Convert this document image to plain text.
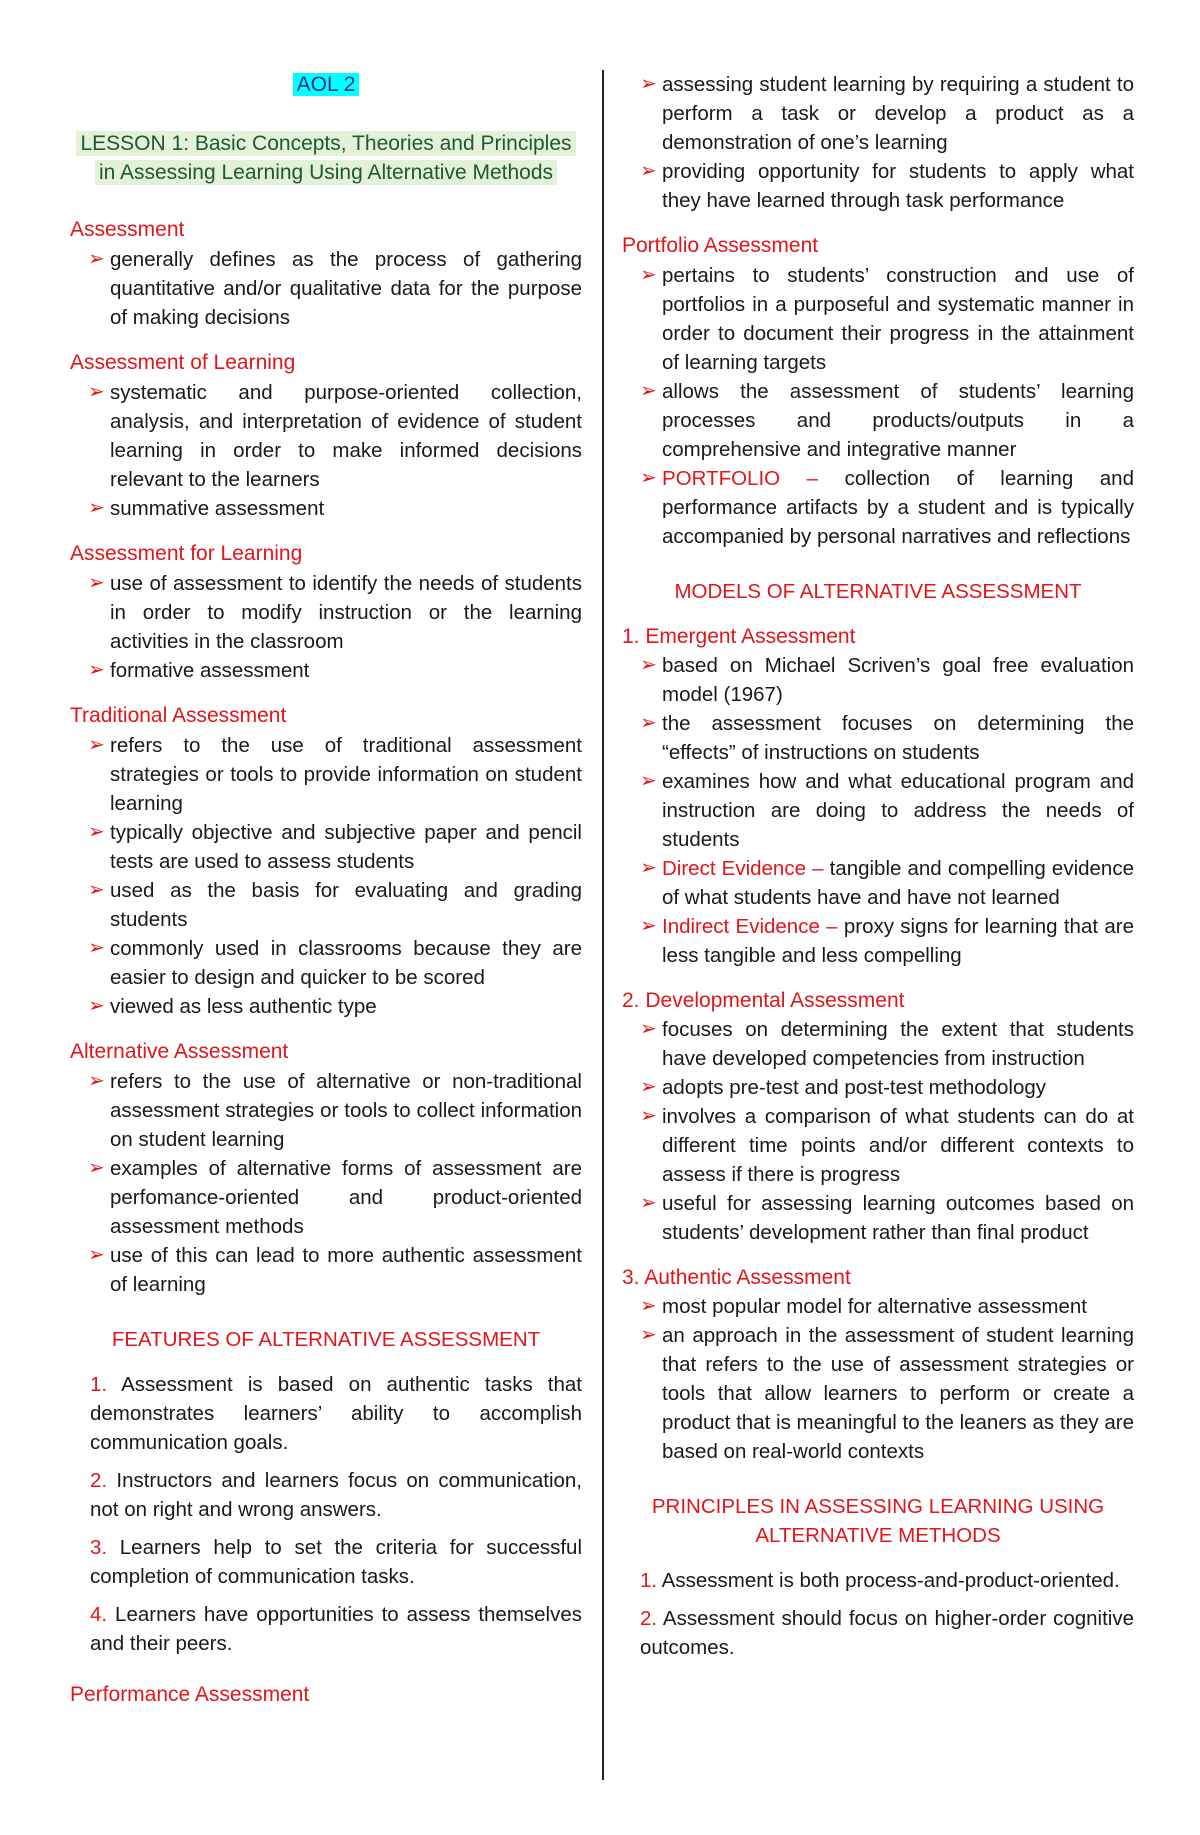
AOL 2
LESSON 1: Basic Concepts, Theories and Principles in Assessing Learning Using Alternative Methods
Assessment
➢ generally defines as the process of gathering quantitative and/or qualitative data for the purpose of making decisions
Assessment of Learning
➢ systematic and purpose-oriented collection, analysis, and interpretation of evidence of student learning in order to make informed decisions relevant to the learners
➢ summative assessment
Assessment for Learning
➢ use of assessment to identify the needs of students in order to modify instruction or the learning activities in the classroom
➢ formative assessment
Traditional Assessment
➢ refers to the use of traditional assessment strategies or tools to provide information on student learning
➢ typically objective and subjective paper and pencil tests are used to assess students
➢ used as the basis for evaluating and grading students
➢ commonly used in classrooms because they are easier to design and quicker to be scored
➢ viewed as less authentic type
Alternative Assessment
➢ refers to the use of alternative or non-traditional assessment strategies or tools to collect information on student learning
➢ examples of alternative forms of assessment are perfomance-oriented and product-oriented assessment methods
➢ use of this can lead to more authentic assessment of learning
FEATURES OF ALTERNATIVE ASSESSMENT
1. Assessment is based on authentic tasks that demonstrates learners’ ability to accomplish communication goals.
2. Instructors and learners focus on communication, not on right and wrong answers.
3. Learners help to set the criteria for successful completion of communication tasks.
4. Learners have opportunities to assess themselves and their peers.
Performance Assessment
➢ assessing student learning by requiring a student to perform a task or develop a product as a demonstration of one’s learning
➢ providing opportunity for students to apply what they have learned through task performance
Portfolio Assessment
➢ pertains to students’ construction and use of portfolios in a purposeful and systematic manner in order to document their progress in the attainment of learning targets
➢ allows the assessment of students’ learning processes and products/outputs in a comprehensive and integrative manner
➢ PORTFOLIO – collection of learning and performance artifacts by a student and is typically accompanied by personal narratives and reflections
MODELS OF ALTERNATIVE ASSESSMENT
1. Emergent Assessment
➢ based on Michael Scriven’s goal free evaluation model (1967)
➢ the assessment focuses on determining the “effects” of instructions on students
➢ examines how and what educational program and instruction are doing to address the needs of students
➢ Direct Evidence – tangible and compelling evidence of what students have and have not learned
➢ Indirect Evidence – proxy signs for learning that are less tangible and less compelling
2. Developmental Assessment
➢ focuses on determining the extent that students have developed competencies from instruction
➢ adopts pre-test and post-test methodology
➢ involves a comparison of what students can do at different time points and/or different contexts to assess if there is progress
➢ useful for assessing learning outcomes based on students’ development rather than final product
3. Authentic Assessment
➢ most popular model for alternative assessment
➢ an approach in the assessment of student learning that refers to the use of assessment strategies or tools that allow learners to perform or create a product that is meaningful to the leaners as they are based on real-world contexts
PRINCIPLES IN ASSESSING LEARNING USING
ALTERNATIVE METHODS
1. Assessment is both process-and-product-oriented.
2. Assessment should focus on higher-order cognitive outcomes.
